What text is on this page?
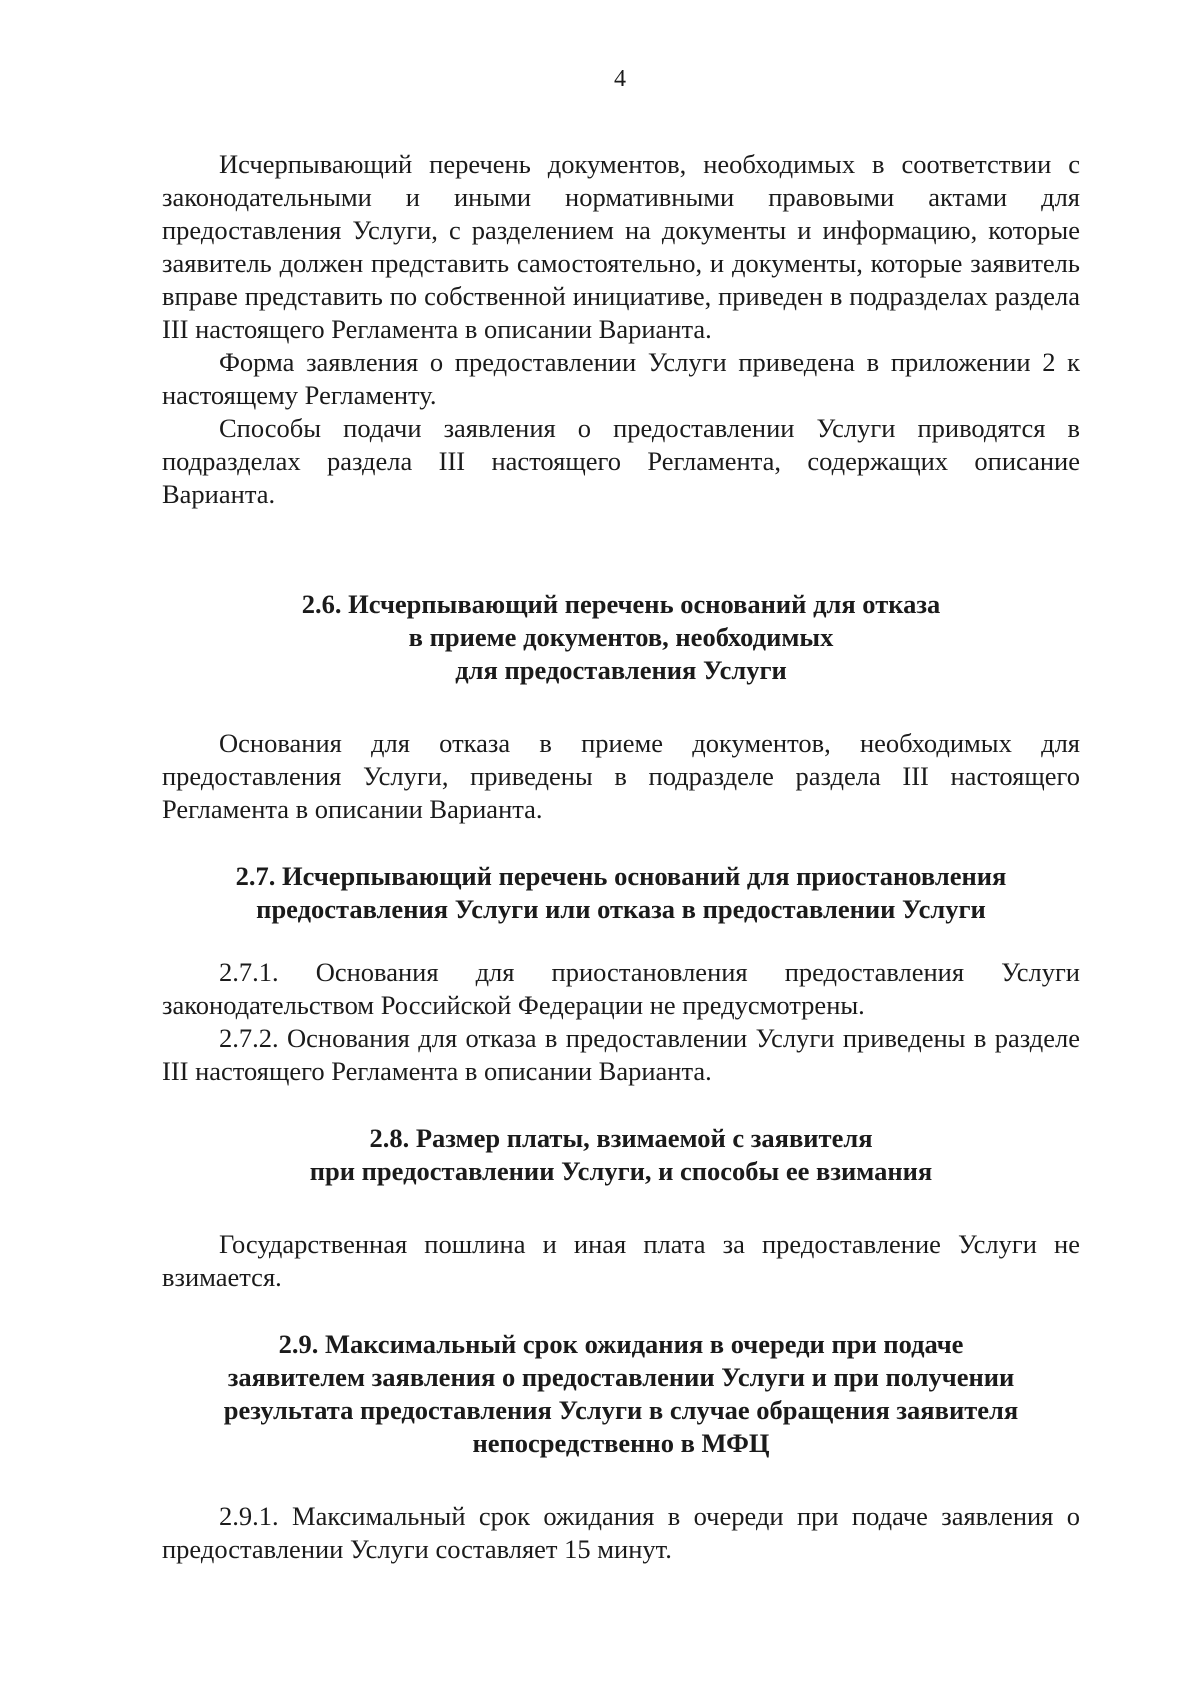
4

Исчерпывающий перечень документов, необходимых в соответствии с законодательными и иными нормативными правовыми актами для предоставления Услуги, с разделением на документы и информацию, которые заявитель должен представить самостоятельно, и документы, которые заявитель вправе представить по собственной инициативе, приведен в подразделах раздела III настоящего Регламента в описании Варианта.

Форма заявления о предоставлении Услуги приведена в приложении 2 к настоящему Регламенту.

Способы подачи заявления о предоставлении Услуги приводятся в подразделах раздела III настоящего Регламента, содержащих описание Варианта.

2.6. Исчерпывающий перечень оснований для отказа
в приеме документов, необходимых
для предоставления Услуги

Основания для отказа в приеме документов, необходимых для предоставления Услуги, приведены в подразделе раздела III настоящего Регламента в описании Варианта.

2.7. Исчерпывающий перечень оснований для приостановления
предоставления Услуги или отказа в предоставлении Услуги

2.7.1. Основания для приостановления предоставления Услуги законодательством Российской Федерации не предусмотрены.

2.7.2. Основания для отказа в предоставлении Услуги приведены в разделе III настоящего Регламента в описании Варианта.

2.8. Размер платы, взимаемой с заявителя
при предоставлении Услуги, и способы ее взимания

Государственная пошлина и иная плата за предоставление Услуги не взимается.

2.9. Максимальный срок ожидания в очереди при подаче
заявителем заявления о предоставлении Услуги и при получении
результата предоставления Услуги в случае обращения заявителя
непосредственно в МФЦ

2.9.1. Максимальный срок ожидания в очереди при подаче заявления о предоставлении Услуги составляет 15 минут.
